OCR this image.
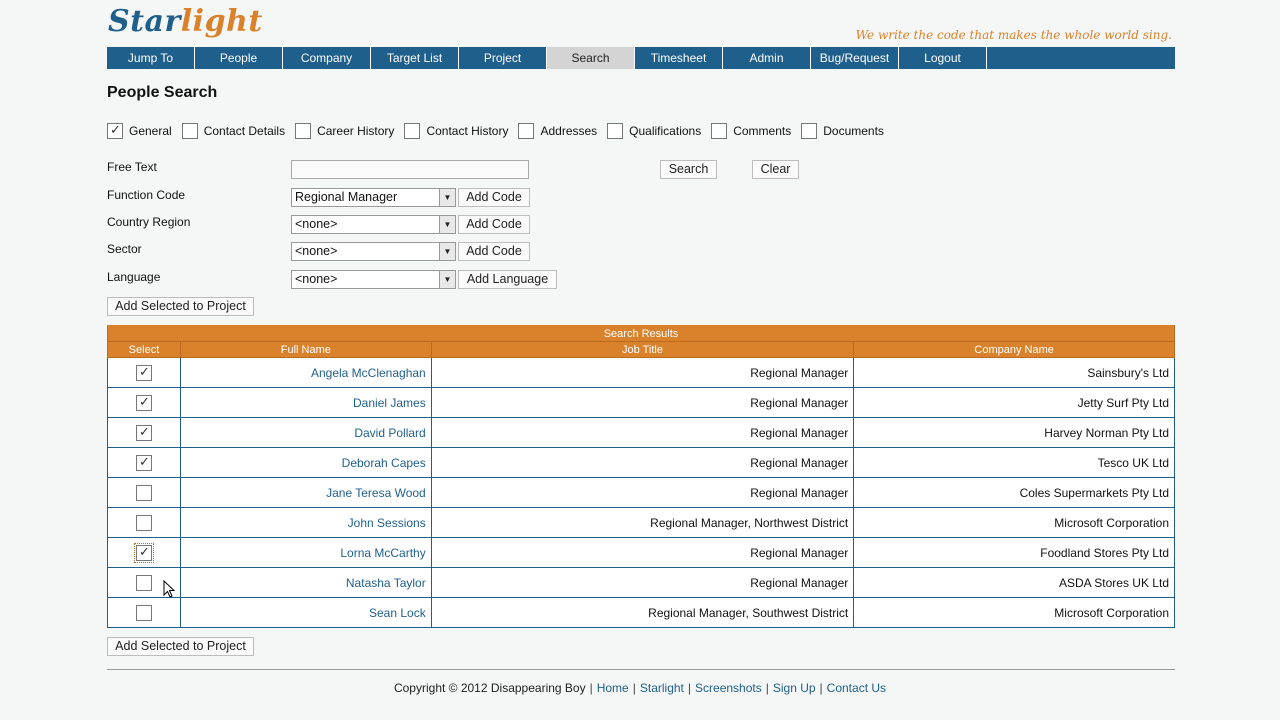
Starlight	We write the code that makes the whole world sing.
Jump To	People	Company	Target List	Project	Search	Timesheet	Admin	Bug/Request	Logout
People Search
✓
General	Contact Details	Career History	Contact History	Addresses	Qualifications	Comments	Documents
Free Text	Search	Clear
Function Code	Regional Manager	▼	Add Code
Country Region	<none>	▼	Add Code
Sector	<none>	▼	Add Code
Language	<none>	▼	Add Language
Add Selected to Project
Search Results			
Select	Full Name	Job Title	Company Name
✓	Angela McClenaghan	Regional Manager	Sainsbury's Ltd
✓	Daniel James	Regional Manager	Jetty Surf Pty Ltd
✓	David Pollard	Regional Manager	Harvey Norman Pty Ltd
✓	Deborah Capes	Regional Manager	Tesco UK Ltd
	Jane Teresa Wood	Regional Manager	Coles Supermarkets Pty Ltd
	John Sessions	Regional Manager, Northwest District	Microsoft Corporation
✓	Lorna McCarthy	Regional Manager	Foodland Stores Pty Ltd
	Natasha Taylor	Regional Manager	ASDA Stores UK Ltd
	Sean Lock	Regional Manager, Southwest District	Microsoft Corporation
Add Selected to Project
Copyright © 2012 Disappearing Boy | Home | Starlight | Screenshots | Sign Up | Contact Us
